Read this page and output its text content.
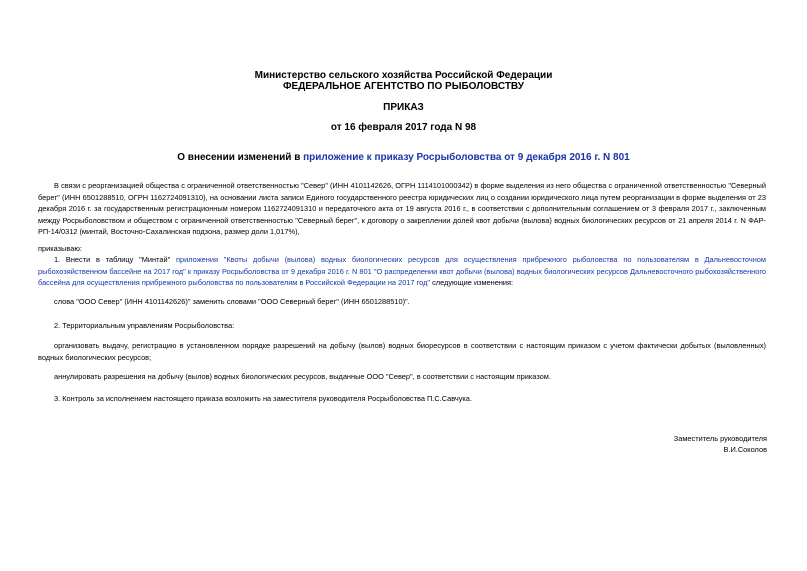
Министерство сельского хозяйства Российской Федерации
ФЕДЕРАЛЬНОЕ АГЕНТСТВО ПО РЫБОЛОВСТВУ
ПРИКАЗ
от 16 февраля 2017 года N 98
О внесении изменений в приложение к приказу Росрыболовства от 9 декабря 2016 г. N 801
В связи с реорганизацией общества с ограниченной ответственностью "Север" (ИНН 4101142626, ОГРН 1114101000342) в форме выделения из него общества с ограниченной ответственностью "Северный берег" (ИНН 6501288510, ОГРН 1162724091310), на основании листа записи Единого государственного реестра юридических лиц о создании юридического лица путем реорганизации в форме выделения от 23 декабря 2016 г. за государственным регистрационным номером 1162724091310 и передаточного акта от 19 августа 2016 г., в соответствии с дополнительным соглашением от 3 февраля 2017 г., заключенным между Росрыболовством и обществом с ограниченной ответственностью "Северный берег", к договору о закреплении долей квот добычи (вылова) водных биологических ресурсов от 21 апреля 2014 г. N ФАР-РП-14/0312 (минтай, Восточно-Сахалинская подзона, размер доли 1,017%),
приказываю:
1. Внести в таблицу "Минтай" приложения "Квоты добычи (вылова) водных биологических ресурсов для осуществления прибрежного рыболовства по пользователям в Дальневосточном рыбохозяйственном бассейне на 2017 год" к приказу Росрыболовства от 9 декабря 2016 г. N 801 "О распределении квот добычи (вылова) водных биологических ресурсов Дальневосточного рыбохозяйственного бассейна для осуществления прибрежного рыболовства по пользователям в Российской Федерации на 2017 год" следующие изменения:
слова "ООО Север" (ИНН 4101142626)" заменить словами "ООО Северный берег" (ИНН 6501288510)".
2. Территориальным управлениям Росрыболовства:
организовать выдачу, регистрацию в установленном порядке разрешений на добычу (вылов) водных биоресурсов в соответствии с настоящим приказом с учетом фактически добытых (выловленных) водных биологических ресурсов;
аннулировать разрешения на добычу (вылов) водных биологических ресурсов, выданные ООО "Север", в соответствии с настоящим приказом.
3. Контроль за исполнением настоящего приказа возложить на заместителя руководителя Росрыболовства П.С.Савчука.
Заместитель руководителя
В.И.Соколов
